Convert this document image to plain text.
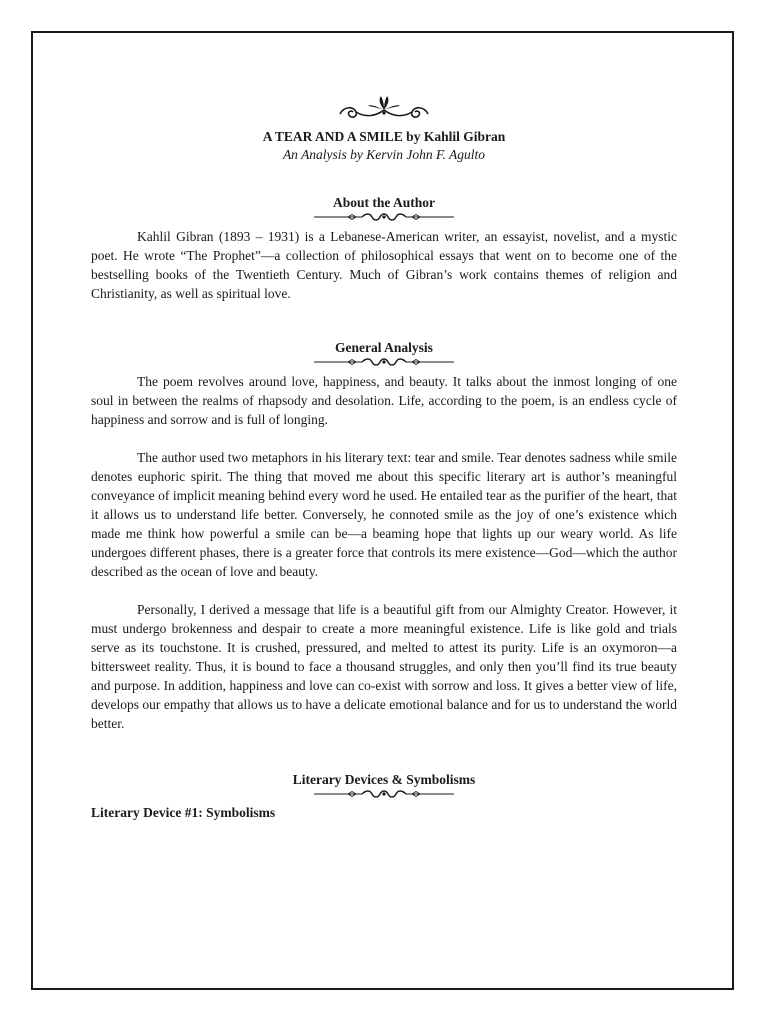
A TEAR AND A SMILE by Kahlil Gibran
An Analysis by Kervin John F. Agulto
About the Author

Kahlil Gibran (1893 – 1931) is a Lebanese-American writer, an essayist, novelist, and a mystic poet. He wrote “The Prophet”—a collection of philosophical essays that went on to become one of the bestselling books of the Twentieth Century. Much of Gibran’s work contains themes of religion and Christianity, as well as spiritual love.

General Analysis

The poem revolves around love, happiness, and beauty. It talks about the inmost longing of one soul in between the realms of rhapsody and desolation. Life, according to the poem, is an endless cycle of happiness and sorrow and is full of longing.

The author used two metaphors in his literary text: tear and smile. Tear denotes sadness while smile denotes euphoric spirit. The thing that moved me about this specific literary art is author’s meaningful conveyance of implicit meaning behind every word he used. He entailed tear as the purifier of the heart, that it allows us to understand life better. Conversely, he connoted smile as the joy of one’s existence which made me think how powerful a smile can be—a beaming hope that lights up our weary world. As life undergoes different phases, there is a greater force that controls its mere existence—God—which the author described as the ocean of love and beauty.

Personally, I derived a message that life is a beautiful gift from our Almighty Creator. However, it must undergo brokenness and despair to create a more meaningful existence. Life is like gold and trials serve as its touchstone. It is crushed, pressured, and melted to attest its purity. Life is an oxymoron—a bittersweet reality. Thus, it is bound to face a thousand struggles, and only then you’ll find its true beauty and purpose. In addition, happiness and love can co-exist with sorrow and loss. It gives a better view of life, develops our empathy that allows us to have a delicate emotional balance and for us to understand the world better.

Literary Devices & Symbolisms
Literary Device #1: Symbolisms
